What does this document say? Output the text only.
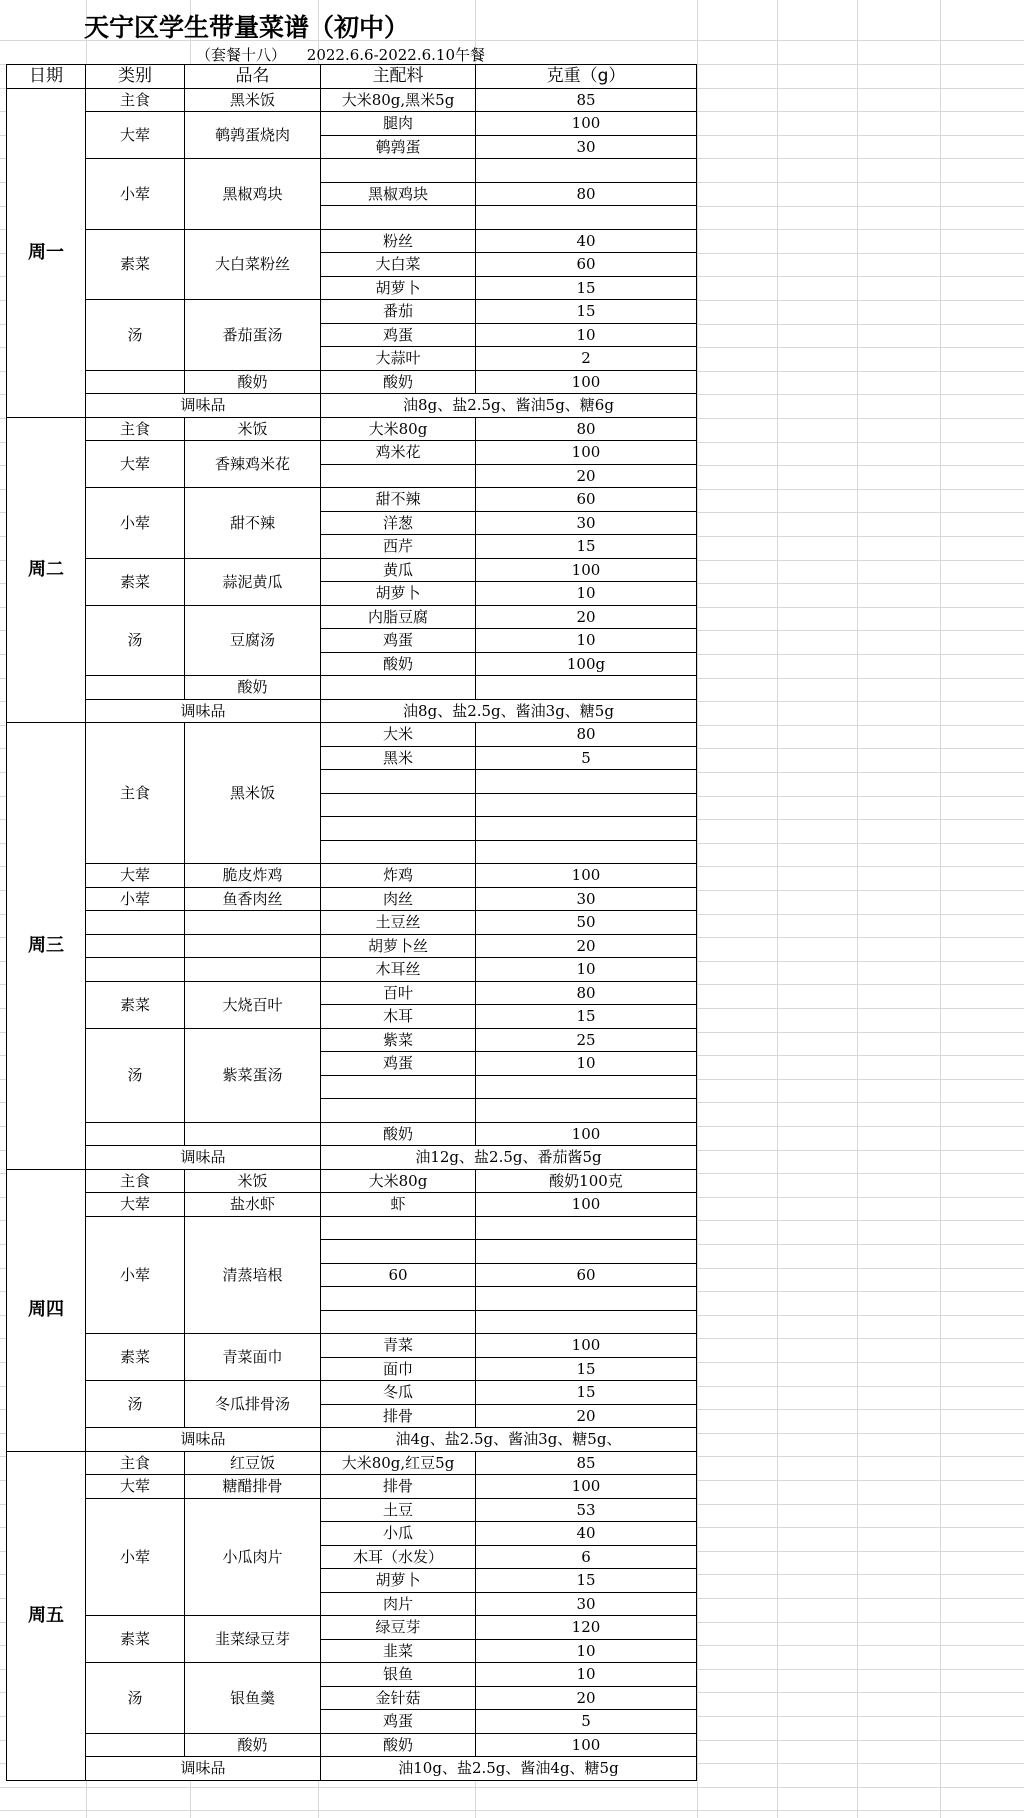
天宁区学生带量菜谱（初中）
（套餐十八） 2022.6.6-2022.6.10午餐
日期	类别	品名	主配料	克重（g）
周一	主食	黑米饭	大米80g,黑米5g	85
	大荤	鹌鹑蛋烧肉	腿肉	100
			鹌鹑蛋	30
	小荤	黑椒鸡块		
			黑椒鸡块	80

	素菜	大白菜粉丝	粉丝	40
			大白菜	60
			胡萝卜	15
	汤	番茄蛋汤	番茄	15
			鸡蛋	10
			大蒜叶	2
		酸奶	酸奶	100
	调味品		油8g、盐2.5g、酱油5g、糖6g	
周二	主食	米饭	大米80g	80
	大荤	香辣鸡米花	鸡米花	100
				20
	小荤	甜不辣	甜不辣	60
			洋葱	30
			西芹	15
	素菜	蒜泥黄瓜	黄瓜	100
			胡萝卜	10
	汤	豆腐汤	内脂豆腐	20
			鸡蛋	10
			酸奶	100g
		酸奶		
	调味品		油8g、盐2.5g、酱油3g、糖5g	
周三	主食	黑米饭	大米	80
			黑米	5

	大荤	脆皮炸鸡	炸鸡	100
	小荤	鱼香肉丝	肉丝	30
			土豆丝	50
			胡萝卜丝	20
			木耳丝	10
	素菜	大烧百叶	百叶	80
			木耳	15
	汤	紫菜蛋汤	紫菜	25
			鸡蛋	10

			酸奶	100
	调味品		油12g、盐2.5g、番茄酱5g	
周四	主食	米饭	大米80g	酸奶100克
	大荤	盐水虾	虾	100
	小荤	清蒸培根		

			60	60

	素菜	青菜面巾	青菜	100
			面巾	15
	汤	冬瓜排骨汤	冬瓜	15
			排骨	20
	调味品		油4g、盐2.5g、酱油3g、糖5g、	
周五	主食	红豆饭	大米80g,红豆5g	85
	大荤	糖醋排骨	排骨	100
	小荤	小瓜肉片	土豆	53
			小瓜	40
			木耳（水发）	6
			胡萝卜	15
			肉片	30
	素菜	韭菜绿豆芽	绿豆芽	120
			韭菜	10
	汤	银鱼羹	银鱼	10
			金针菇	20
			鸡蛋	5
		酸奶	酸奶	100
	调味品		油10g、盐2.5g、酱油4g、糖5g	
